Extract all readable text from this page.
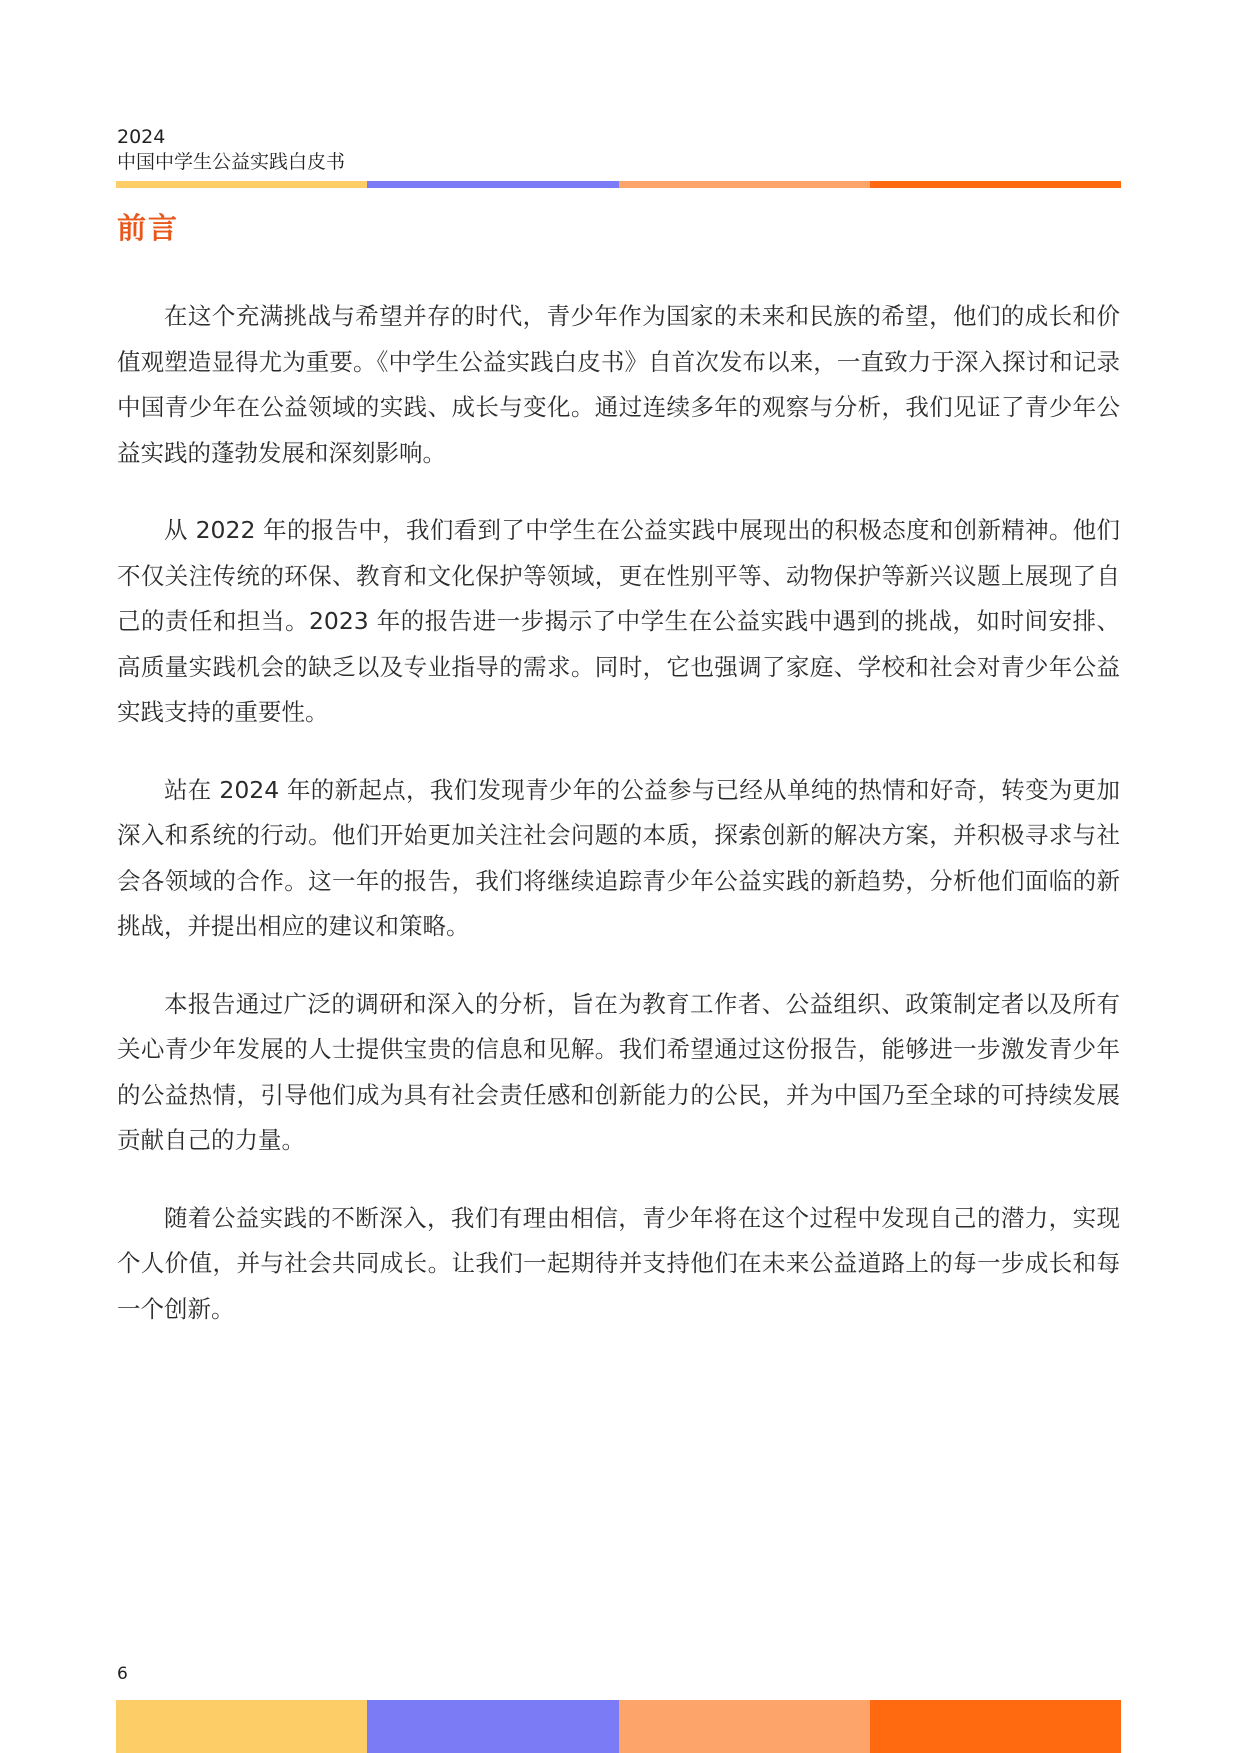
2024
中国中学生公益实践白皮书
前言

在这个充满挑战与希望并存的时代，青少年作为国家的未来和民族的希望，他们的成长和价值观塑造显得尤为重要。《中学生公益实践白皮书》自首次发布以来，一直致力于深入探讨和记录中国青少年在公益领域的实践、成长与变化。通过连续多年的观察与分析，我们见证了青少年公益实践的蓬勃发展和深刻影响。

从 2022 年的报告中，我们看到了中学生在公益实践中展现出的积极态度和创新精神。他们不仅关注传统的环保、教育和文化保护等领域，更在性别平等、动物保护等新兴议题上展现了自己的责任和担当。2023 年的报告进一步揭示了中学生在公益实践中遇到的挑战，如时间安排、高质量实践机会的缺乏以及专业指导的需求。同时，它也强调了家庭、学校和社会对青少年公益实践支持的重要性。

站在 2024 年的新起点，我们发现青少年的公益参与已经从单纯的热情和好奇，转变为更加深入和系统的行动。他们开始更加关注社会问题的本质，探索创新的解决方案，并积极寻求与社会各领域的合作。这一年的报告，我们将继续追踪青少年公益实践的新趋势，分析他们面临的新挑战，并提出相应的建议和策略。

本报告通过广泛的调研和深入的分析，旨在为教育工作者、公益组织、政策制定者以及所有关心青少年发展的人士提供宝贵的信息和见解。我们希望通过这份报告，能够进一步激发青少年的公益热情，引导他们成为具有社会责任感和创新能力的公民，并为中国乃至全球的可持续发展贡献自己的力量。

随着公益实践的不断深入，我们有理由相信，青少年将在这个过程中发现自己的潜力，实现个人价值，并与社会共同成长。让我们一起期待并支持他们在未来公益道路上的每一步成长和每一个创新。

6
